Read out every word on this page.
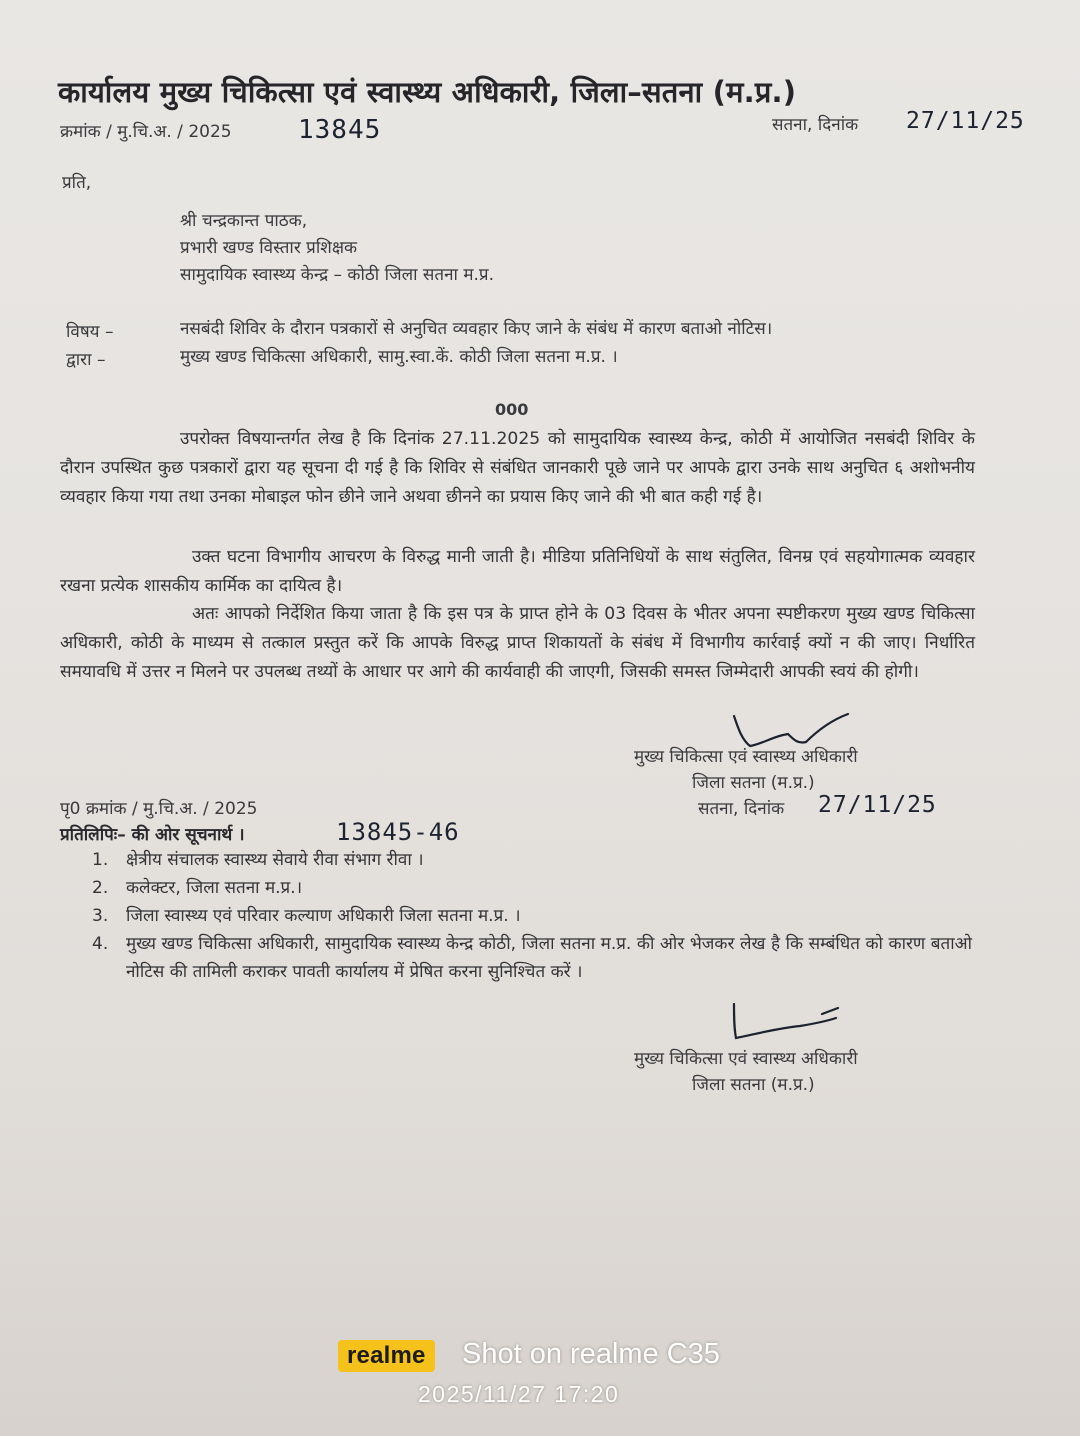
कार्यालय मुख्य चिकित्सा एवं स्वास्थ्य अधिकारी, जिला–सतना (म.प्र.)
क्रमांक / मु.चि.अ. / 2025	13845	सतना, दिनांक 27/11/25
प्रति,
श्री चन्द्रकान्त पाठक,
प्रभारी खण्ड विस्तार प्रशिक्षक
सामुदायिक स्वास्थ्य केन्द्र – कोठी जिला सतना म.प्र.
विषय –	नसबंदी शिविर के दौरान पत्रकारों से अनुचित व्यवहार किए जाने के संबंध में कारण बताओ नोटिस।
द्वारा –	मुख्य खण्ड चिकित्सा अधिकारी, सामु.स्वा.कें. कोठी जिला सतना म.प्र. ।
000
उपरोक्त विषयान्तर्गत लेख है कि दिनांक 27.11.2025 को सामुदायिक स्वास्थ्य केन्द्र, कोठी में आयोजित नसबंदी शिविर के दौरान उपस्थित कुछ पत्रकारों द्वारा यह सूचना दी गई है कि शिविर से संबंधित जानकारी पूछे जाने पर आपके द्वारा उनके साथ अनुचित ६ अशोभनीय व्यवहार किया गया तथा उनका मोबाइल फोन छीने जाने अथवा छीनने का प्रयास किए जाने की भी बात कही गई है।
उक्त घटना विभागीय आचरण के विरुद्ध मानी जाती है। मीडिया प्रतिनिधियों के साथ संतुलित, विनम्र एवं सहयोगात्मक व्यवहार रखना प्रत्येक शासकीय कार्मिक का दायित्व है।
अतः आपको निर्देशित किया जाता है कि इस पत्र के प्राप्त होने के 03 दिवस के भीतर अपना स्पष्टीकरण मुख्य खण्ड चिकित्सा अधिकारी, कोठी के माध्यम से तत्काल प्रस्तुत करें कि आपके विरुद्ध प्राप्त शिकायतों के संबंध में विभागीय कार्रवाई क्यों न की जाए। निर्धारित समयावधि में उत्तर न मिलने पर उपलब्ध तथ्यों के आधार पर आगे की कार्यवाही की जाएगी, जिसकी समस्त जिम्मेदारी आपकी स्वयं की होगी।
मुख्य चिकित्सा एवं स्वास्थ्य अधिकारी
जिला सतना (म.प्र.)
सतना, दिनांक 27/11/25
पृ0 क्रमांक / मु.चि.अ. / 2025
प्रतिलिपिः– की ओर सूचनार्थ ।	13845-46
1.	क्षेत्रीय संचालक स्वास्थ्य सेवाये रीवा संभाग रीवा ।
2.	कलेक्टर, जिला सतना म.प्र.।
3.	जिला स्वास्थ्य एवं परिवार कल्याण अधिकारी जिला सतना म.प्र. ।
4.	मुख्य खण्ड चिकित्सा अधिकारी, सामुदायिक स्वास्थ्य केन्द्र कोठी, जिला सतना म.प्र. की ओर भेजकर लेख है कि सम्बंधित को कारण बताओ नोटिस की तामिली कराकर पावती कार्यालय में प्रेषित करना सुनिश्चित करें ।
मुख्य चिकित्सा एवं स्वास्थ्य अधिकारी
जिला सतना (म.प्र.)
realme	Shot on realme C35
2025/11/27 17:20
